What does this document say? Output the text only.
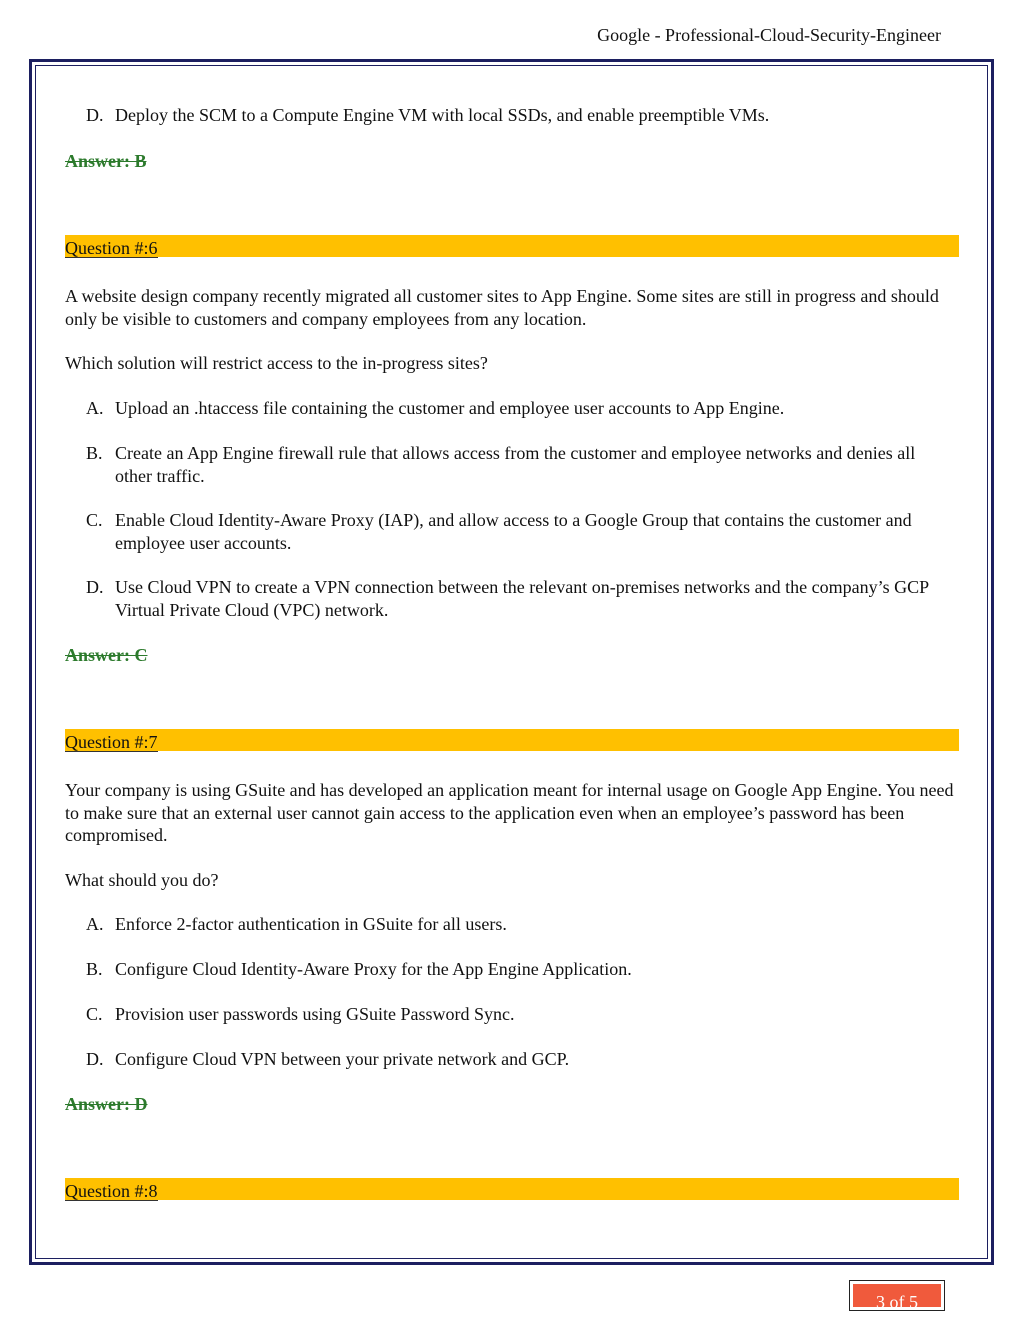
Google - Professional-Cloud-Security-Engineer
D. Deploy the SCM to a Compute Engine VM with local SSDs, and enable preemptible VMs.
Answer: B
Question #:6
A website design company recently migrated all customer sites to App Engine. Some sites are still in progress and should only be visible to customers and company employees from any location.
Which solution will restrict access to the in-progress sites?
A. Upload an .htaccess file containing the customer and employee user accounts to App Engine.
B. Create an App Engine firewall rule that allows access from the customer and employee networks and denies all other traffic.
C. Enable Cloud Identity-Aware Proxy (IAP), and allow access to a Google Group that contains the customer and employee user accounts.
D. Use Cloud VPN to create a VPN connection between the relevant on-premises networks and the company’s GCP Virtual Private Cloud (VPC) network.
Answer: C
Question #:7
Your company is using GSuite and has developed an application meant for internal usage on Google App Engine. You need to make sure that an external user cannot gain access to the application even when an employee’s password has been compromised.
What should you do?
A. Enforce 2-factor authentication in GSuite for all users.
B. Configure Cloud Identity-Aware Proxy for the App Engine Application.
C. Provision user passwords using GSuite Password Sync.
D. Configure Cloud VPN between your private network and GCP.
Answer: D
Question #:8
3 of 5
